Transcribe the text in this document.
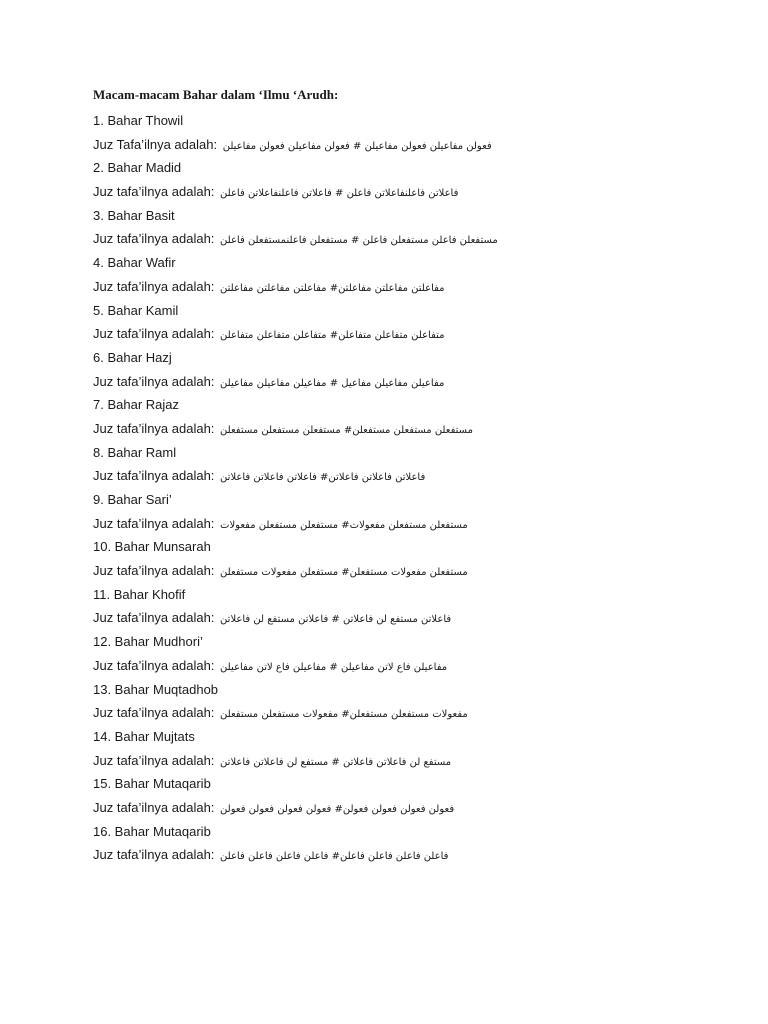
Macam-macam Bahar dalam ‘Ilmu ‘Arudh:
1. Bahar Thowil
Juz Tafa’ilnya adalah: فعولن مفاعيلن فعولن مفاعيلن # فعولن مفاعيلن فعولن مفاعيلن
2. Bahar Madid
Juz tafa’ilnya adalah: فاعلاتن فاعلنفاعلاتن فاعلن # فاعلاتن فاعلنفاعلاتن فاعلن
3. Bahar Basit
Juz tafa’ilnya adalah: مستفعلن فاعلن مستفعلن فاعلن # مستفعلن فاعلنمستفعلن فاعلن
4. Bahar Wafir
Juz tafa’ilnya adalah: مفاعلتن مفاعلتن مفاعلتن# مفاعلتن مفاعلتن مفاعلتن
5. Bahar Kamil
Juz tafa’ilnya adalah: متفاعلن متفاعلن متفاعلن# متفاعلن متفاعلن متفاعلن
6. Bahar Hazj
Juz tafa’ilnya adalah: مفاعيلن مفاعيلن مفاعيل # مفاعيلن مفاعيلن مفاعيلن
7. Bahar Rajaz
Juz tafa’ilnya adalah: مستفعلن مستفعلن مستفعلن# مستفعلن مستفعلن مستفعلن
8. Bahar Raml
Juz tafa’ilnya adalah: فاعلاتن فاعلاتن فاعلاتن# فاعلاتن فاعلاتن فاعلاتن
9. Bahar Sari’
Juz tafa’ilnya adalah: مستفعلن مستفعلن مفعولات# مستفعلن مستفعلن مفعولات
10. Bahar Munsarah
Juz tafa’ilnya adalah: مستفعلن مفعولات مستفعلن# مستفعلن مفعولات مستفعلن
11. Bahar Khofif
Juz tafa’ilnya adalah: فاعلاتن مستفع لن فاعلاتن # فاعلاتن مستفع لن فاعلاتن
12. Bahar Mudhori’
Juz tafa’ilnya adalah: مفاعيلن فاع لاتن مفاعيلن # مفاعيلن فاع لاتن مفاعيلن
13. Bahar Muqtadhob
Juz tafa’ilnya adalah: مفعولات مستفعلن مستفعلن# مفعولات مستفعلن مستفعلن
14. Bahar Mujtats
Juz tafa’ilnya adalah: مستفع لن فاعلاتن فاعلاتن # مستفع لن فاعلاتن فاعلاتن
15. Bahar Mutaqarib
Juz tafa’ilnya adalah: فعولن فعولن فعولن فعولن# فعولن فعولن فعولن فعولن
16. Bahar Mutaqarib
Juz tafa’ilnya adalah: فاعلن فاعلن فاعلن فاعلن# فاعلن فاعلن فاعلن فاعلن
